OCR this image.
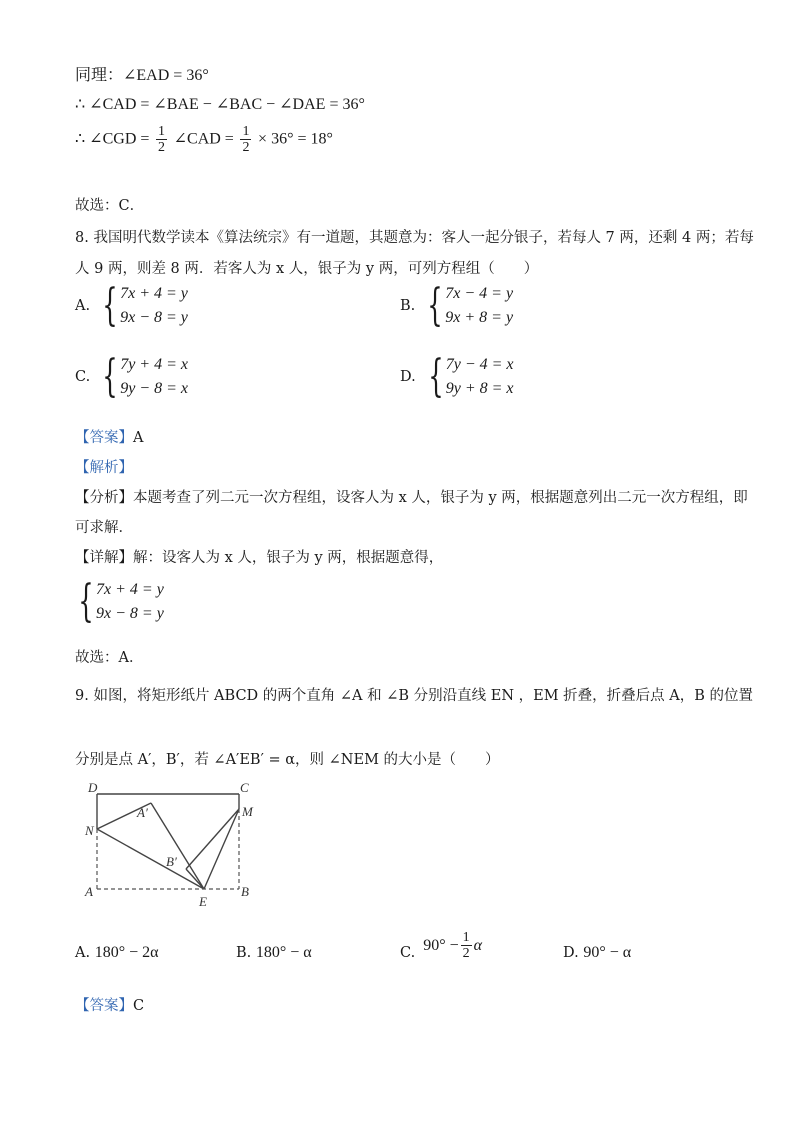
同理：∠EAD = 36°
∴ ∠CAD = ∠BAE − ∠BAC − ∠DAE = 36°
∴ ∠CGD = $\frac{1}{2}$ ∠CAD = $\frac{1}{2} \times 36^\circ = 18^\circ$
故选：C．
8. 我国明代数学读本《算法统宗》有一道题，其题意为：客人一起分银子，若每人 7 两，还剩 4 两；若每
人 9 两，则差 8 两．若客人为 x 人，银子为 y 两，可列方程组（　　）
A. { 7x + 4 = y
9x − 8 = y
B. { 7x − 4 = y
9x + 8 = y
C. { 7y + 4 = x
9y − 8 = x
D. { 7y − 4 = x
9y + 8 = x
【答案】A
【解析】
【分析】本题考查了列二元一次方程组，设客人为 x 人，银子为 y 两，根据题意列出二元一次方程组，即
可求解．
【详解】解：设客人为 x 人，银子为 y 两，根据题意得，
{ 7x + 4 = y
9x − 8 = y
故选：A．
9. 如图，将矩形纸片 ABCD 的两个直角 ∠A 和 ∠B 分别沿直线 EN ，EM 折叠，折叠后点 A，B 的位置
分别是点 A′，B′，若 ∠A′EB′ = α，则 ∠NEM 的大小是（　　）
D	C
N
M
A′
B′
A	B
E
A. 180° − 2α	B. 180° − α	C. $90^\circ - \frac{1}{2}$ α	D. 90° − α
【答案】C
